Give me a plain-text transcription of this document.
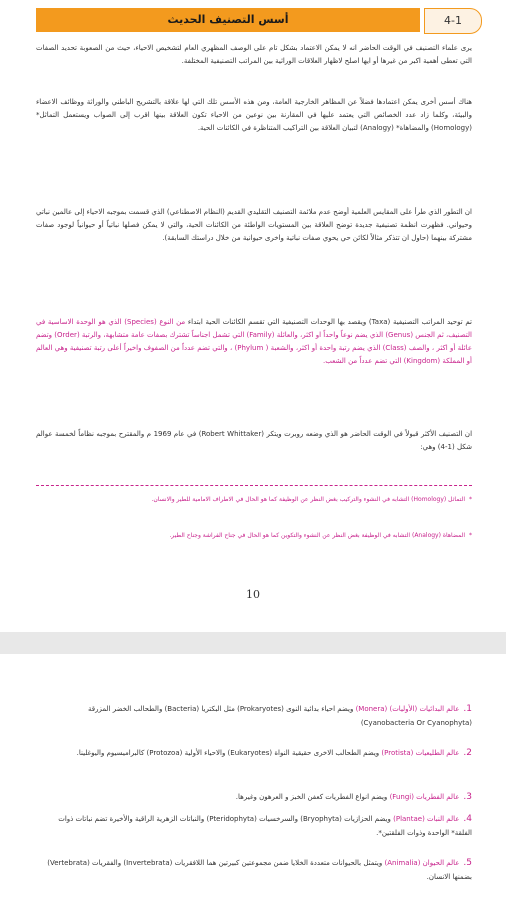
أسس التصنيف الحديث	4-1
يرى علماء التصنيف في الوقت الحاضر انه لا يمكن الاعتماد بشكل تام على الوصف المظهري العام لتشخيص الاحياء، حيث من الصعوبة تحديد الصفات التي تعطى أهمية اكبر من غيرها أو ايها اصلح لاظهار العلاقات الوراثية بين المراتب التصنيفية المختلفة.
هناك أسس أخرى يمكن اعتمادها فضلاً عن المظاهر الخارجية العامة، ومن هذه الأسس تلك التي لها علاقة بالتشريح الباطني والوراثة ووظائف الاعضاء والبيئة، وكلما زاد عدد الخصائص التي يعتمد عليها في المقارنة بين نوعين من الاحياء تكون العلاقة بينها اقرب إلى الصواب ويستعمل التماثل* (Homology) والمضاهاة* (Analogy) لتبيان العلاقة بين التراكيب المتناظرة في الكائنات الحية.
ان التطور الذي طرأ على المقايس العلمية أوضح عدم ملائمة التصنيف التقليدي القديم (النظام الاصطناعي) الذي قسمت بموجبه الاحياء إلى عالمين نباتي وحيواني. فظهرت انظمة تصنيفية جديدة توضح العلاقة بين المستويات الواطئة من الكائنات الحية، والتي لا يمكن فصلها نباتياً أو حيوانياً لوجود صفات مشتركة بينهما (حاول ان تتذكر مثالاً لكائن حي يحوي صفات نباتية واخرى حيوانية من خلال دراستك السابقة).
تم توحيد المراتب التصنيفية (Taxa) ويقصد بها الوحدات التصنيفية التي تقسم الكائنات الحية ابتداء من النوع (Species) الذي هو الوحدة الاساسية في التصنيف، ثم الجنس (Genus) الذي يضم نوعاً واحداً او اكثر، والعائلة (Family) التي تشمل اجناساً تشترك بصفات عامة متشابهة، والرتبة (Order) وتضم عائلة أو اكثر ، والصف (Class) الذي يضم رتبة واحدة أو اكثر، والشعبة ( Phylum) ، والتي تضم عدداً من الصفوف واخيراً أعلى رتبة تصنيفية وهي العالم أو المملكة (Kingdom) التي تضم عدداً من الشعب.
ان التصنيف الأكثر قبولاً في الوقت الحاضر هو الذي وضعه روبرت ويتكر (Robert Whittaker) في عام 1969 م والمقترح بموجبه نظاماً لخمسة عوالم شكل (1-4) وهي:
*التماثل (Homology) التشابه في النشوء والتركيب بغض النظر عن الوظيفة كما هو الحال في الاطراف الامامية للطير والانسان.
*المضاهاة (Analogy) التشابه في الوظيفة بغض النظر عن النشوء والتكوين كما هو الحال في جناح الفراشة وجناح الطير.
10
1.عالم البدائيات (الأوليات) (Monera) ويضم احياء بدائية النوى (Prokaryotes) مثل البكتريا (Bacteria) والطحالب الخضر المزرقة (Cyanobacteria Or Cyanophyta)
2.عالم الطليعيات (Protista) ويضم الطحالب الاخرى حقيقية النواة (Eukaryotes) والاحياء الأولية (Protozoa) كالبراميسيوم واليوغلينا.
3.عالم الفطريات (Fungi) ويضم انواع الفطريات كعفن الخبز و العرهون وغيرها.
4.عالم النبات (Plantae) ويضم الحزازيات (Bryophyta) والسرخسيات (Pteridophyta) والنباتات الزهرية الراقية والأخيرة تضم نباتات ذوات الفلقة* الواحدة وذوات الفلقتين*.
5.عالم الحيوان (Animalia) ويتمثل بالحيوانات متعددة الخلايا ضمن مجموعتين كبيرتين هما اللافقريات (Invertebrata) والفقريات (Vertebrata) بضمنها الانسان.
